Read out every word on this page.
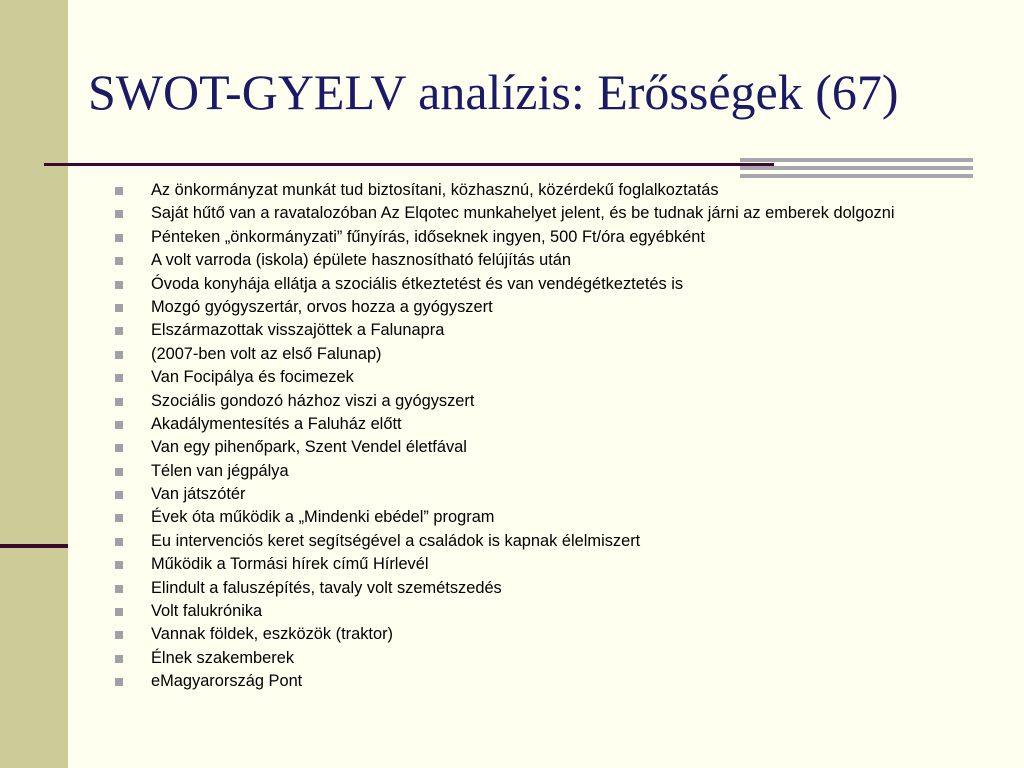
SWOT-GYELV analízis: Erősségek (67)
Az önkormányzat munkát tud biztosítani, közhasznú, közérdekű foglalkoztatás
Saját hűtő van a ravatalozóban Az Elqotec munkahelyet jelent, és be tudnak járni az emberek dolgozni
Pénteken „önkormányzati” fűnyírás, időseknek ingyen, 500 Ft/óra egyébként
A volt varroda (iskola) épülete hasznosítható felújítás után
Óvoda konyhája ellátja a szociális étkeztetést és van vendégétkeztetés is
Mozgó gyógyszertár, orvos hozza a gyógyszert
Elszármazottak visszajöttek a Falunapra
(2007-ben volt az első Falunap)
Van Focipálya és focimezek
Szociális gondozó házhoz viszi a gyógyszert
Akadálymentesítés a Faluház előtt
Van egy pihenőpark, Szent Vendel életfával
Télen van jégpálya
Van játszótér
Évek óta működik a „Mindenki ebédel” program
Eu intervenciós keret segítségével a családok is kapnak élelmiszert
Működik a Tormási hírek című Hírlevél
Elindult a faluszépítés, tavaly volt szemétszedés
Volt falukrónika
Vannak földek, eszközök (traktor)
Élnek szakemberek
eMagyarország Pont
